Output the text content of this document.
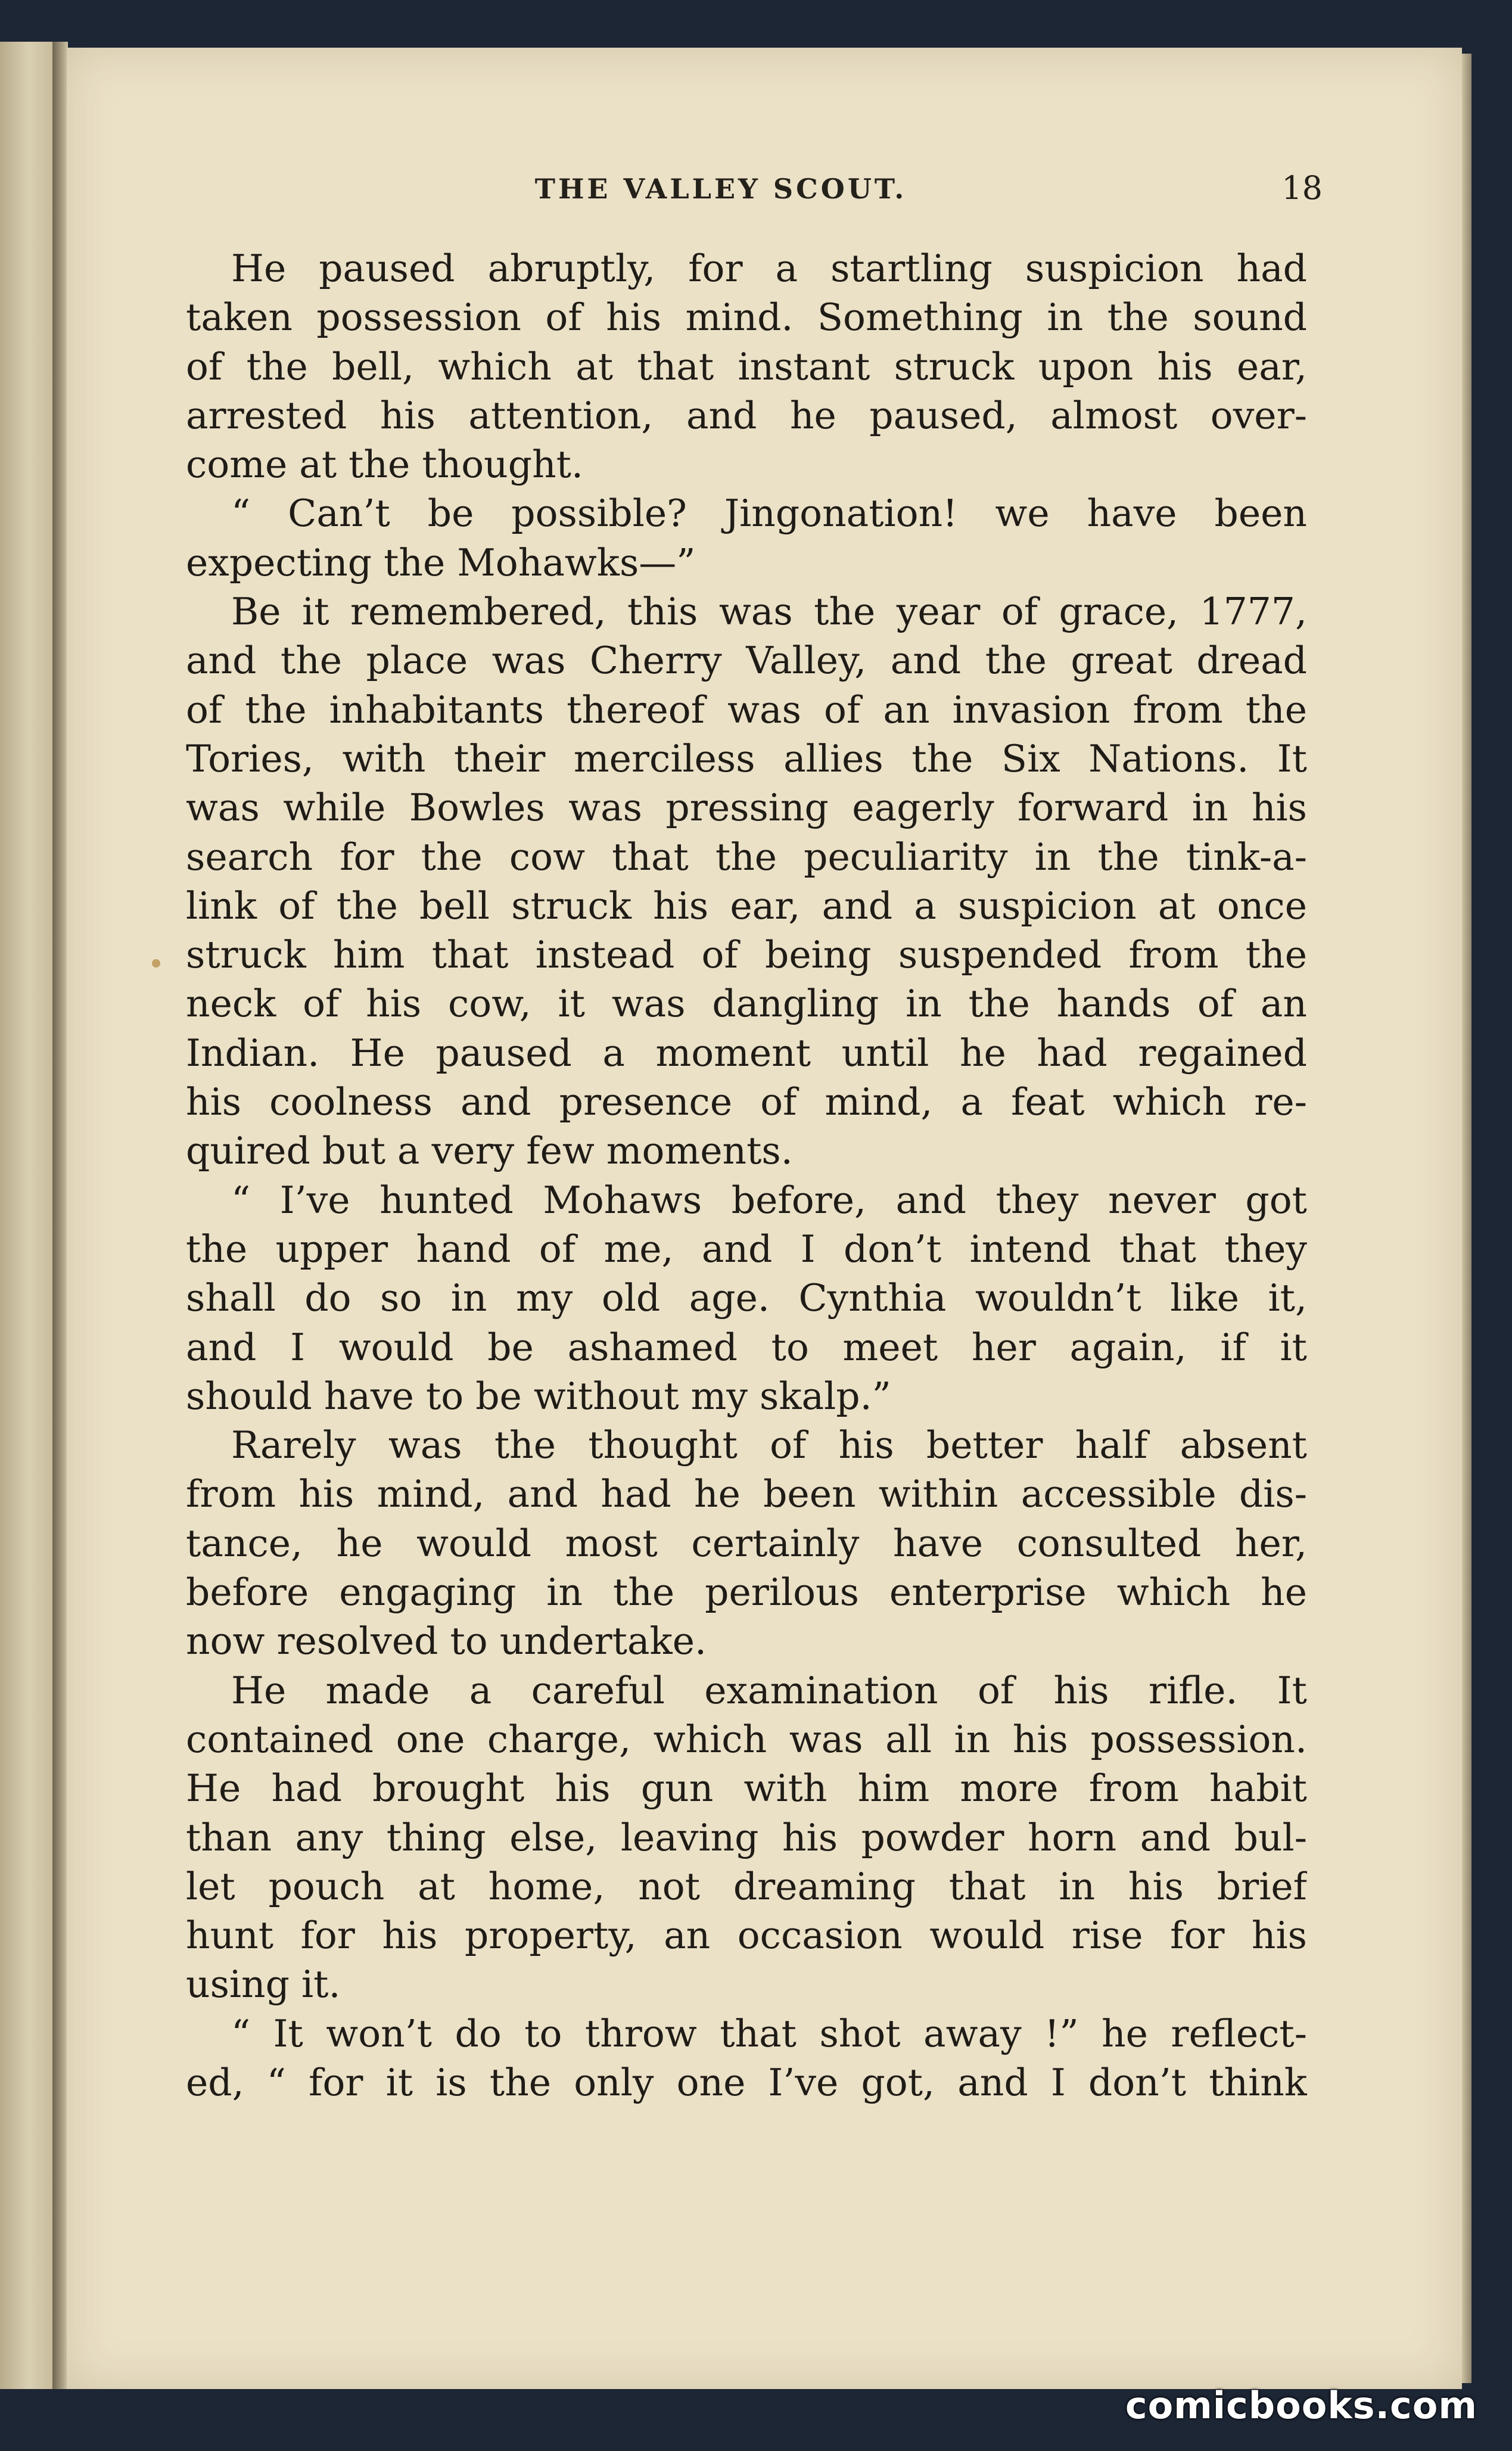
THE VALLEY SCOUT.	18
He paused abruptly, for a startling suspicion had
taken possession of his mind. Something in the sound
of the bell, which at that instant struck upon his ear,
arrested his attention, and he paused, almost over-
come at the thought.
“ Can’t be possible? Jingonation! we have been
expecting the Mohawks—”
Be it remembered, this was the year of grace, 1777,
and the place was Cherry Valley, and the great dread
of the inhabitants thereof was of an invasion from the
Tories, with their merciless allies the Six Nations. It
was while Bowles was pressing eagerly forward in his
search for the cow that the peculiarity in the tink-a-
link of the bell struck his ear, and a suspicion at once
struck him that instead of being suspended from the
neck of his cow, it was dangling in the hands of an
Indian. He paused a moment until he had regained
his coolness and presence of mind, a feat which re-
quired but a very few moments.
“ I’ve hunted Mohaws before, and they never got
the upper hand of me, and I don’t intend that they
shall do so in my old age. Cynthia wouldn’t like it,
and I would be ashamed to meet her again, if it
should have to be without my skalp.”
Rarely was the thought of his better half absent
from his mind, and had he been within accessible dis-
tance, he would most certainly have consulted her,
before engaging in the perilous enterprise which he
now resolved to undertake.
He made a careful examination of his rifle. It
contained one charge, which was all in his possession.
He had brought his gun with him more from habit
than any thing else, leaving his powder horn and bul-
let pouch at home, not dreaming that in his brief
hunt for his property, an occasion would rise for his
using it.
“ It won’t do to throw that shot away !” he reflect-
ed, “ for it is the only one I’ve got, and I don’t think
comicbooks.com
